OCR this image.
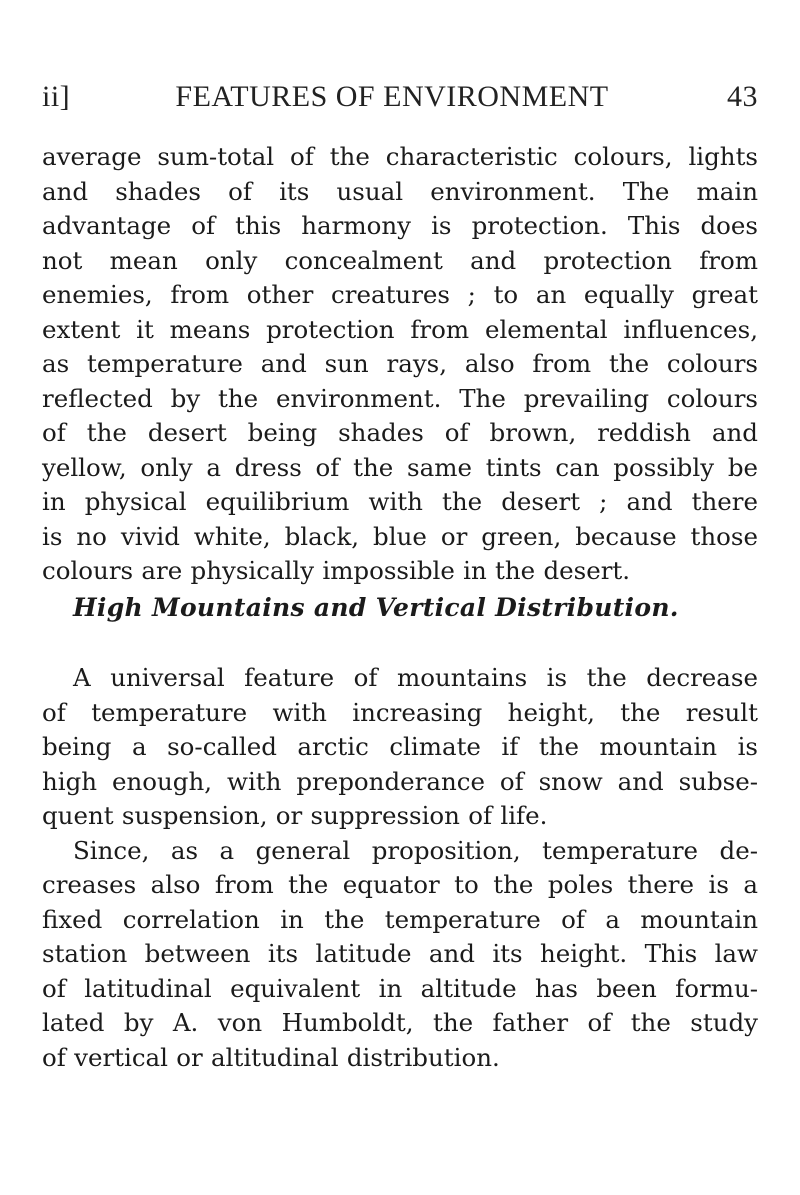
ii]	FEATURES OF ENVIRONMENT	43
average sum-total of the characteristic colours, lights
and shades of its usual environment. The main
advantage of this harmony is protection. This does
not mean only concealment and protection from
enemies, from other creatures ; to an equally great
extent it means protection from elemental influences,
as temperature and sun rays, also from the colours
reflected by the environment. The prevailing colours
of the desert being shades of brown, reddish and
yellow, only a dress of the same tints can possibly be
in physical equilibrium with the desert ; and there
is no vivid white, black, blue or green, because those
colours are physically impossible in the desert.
High Mountains and Vertical Distribution.
A universal feature of mountains is the decrease
of temperature with increasing height, the result
being a so-called arctic climate if the mountain is
high enough, with preponderance of snow and subse-
quent suspension, or suppression of life.
Since, as a general proposition, temperature de-
creases also from the equator to the poles there is a
fixed correlation in the temperature of a mountain
station between its latitude and its height. This law
of latitudinal equivalent in altitude has been formu-
lated by A. von Humboldt, the father of the study
of vertical or altitudinal distribution.
